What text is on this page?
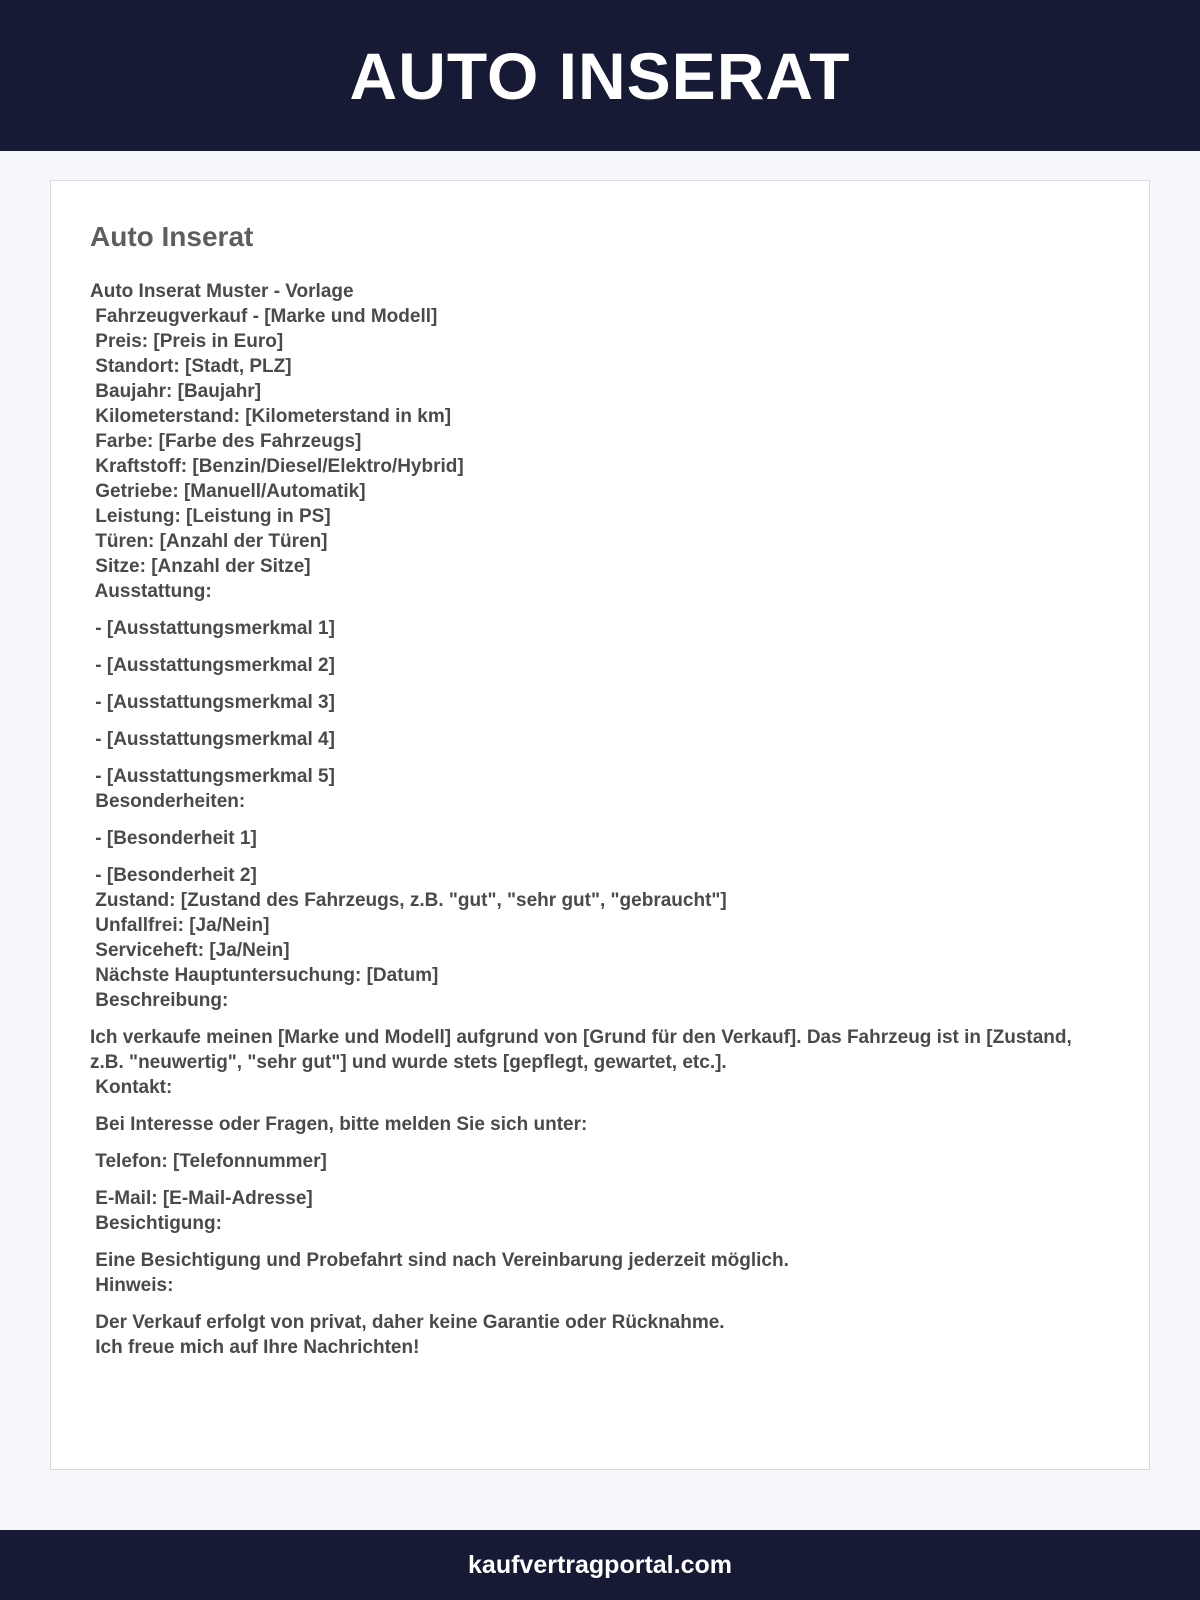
AUTO INSERAT
Auto Inserat
Auto Inserat Muster - Vorlage
Fahrzeugverkauf - [Marke und Modell]
Preis: [Preis in Euro]
Standort: [Stadt, PLZ]
Baujahr: [Baujahr]
Kilometerstand: [Kilometerstand in km]
Farbe: [Farbe des Fahrzeugs]
Kraftstoff: [Benzin/Diesel/Elektro/Hybrid]
Getriebe: [Manuell/Automatik]
Leistung: [Leistung in PS]
Türen: [Anzahl der Türen]
Sitze: [Anzahl der Sitze]
Ausstattung:
- [Ausstattungsmerkmal 1]
- [Ausstattungsmerkmal 2]
- [Ausstattungsmerkmal 3]
- [Ausstattungsmerkmal 4]
- [Ausstattungsmerkmal 5]
Besonderheiten:
- [Besonderheit 1]
- [Besonderheit 2]
Zustand: [Zustand des Fahrzeugs, z.B. "gut", "sehr gut", "gebraucht"]
Unfallfrei: [Ja/Nein]
Serviceheft: [Ja/Nein]
Nächste Hauptuntersuchung: [Datum]
Beschreibung:
Ich verkaufe meinen [Marke und Modell] aufgrund von [Grund für den Verkauf]. Das Fahrzeug ist in [Zustand, z.B. "neuwertig", "sehr gut"] und wurde stets [gepflegt, gewartet, etc.].
Kontakt:
Bei Interesse oder Fragen, bitte melden Sie sich unter:
Telefon: [Telefonnummer]
E-Mail: [E-Mail-Adresse]
Besichtigung:
Eine Besichtigung und Probefahrt sind nach Vereinbarung jederzeit möglich.
Hinweis:
Der Verkauf erfolgt von privat, daher keine Garantie oder Rücknahme.
Ich freue mich auf Ihre Nachrichten!
kaufvertragportal.com
